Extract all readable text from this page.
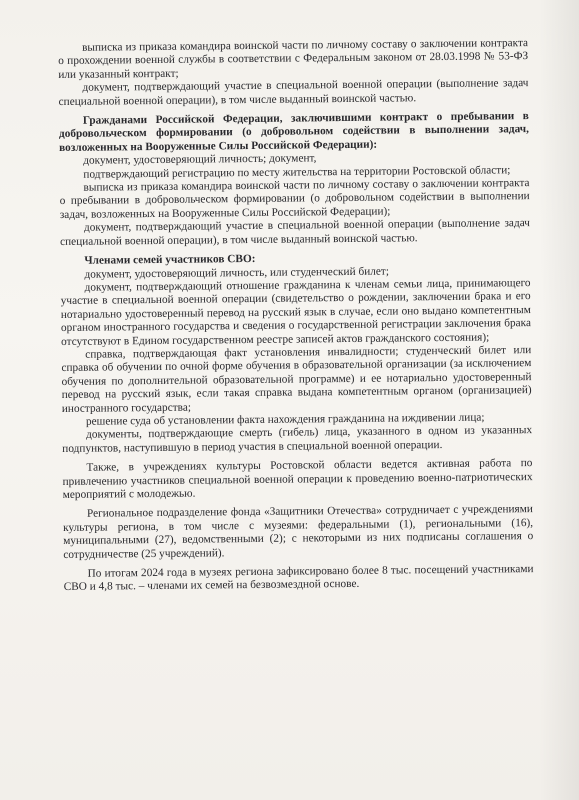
выписка из приказа командира воинской части по личному составу о заключении контракта о прохождении военной службы в соответствии с Федеральным законом от 28.03.1998 № 53-ФЗ или указанный контракт;

документ, подтверждающий участие в специальной военной операции (выполнение задач специальной военной операции), в том числе выданный воинской частью.

Гражданами Российской Федерации, заключившими контракт о пребывании в добровольческом формировании (о добровольном содействии в выполнении задач, возложенных на Вооруженные Силы Российской Федерации):

документ, удостоверяющий личность; документ,

подтверждающий регистрацию по месту жительства на территории Ростовской области;

выписка из приказа командира воинской части по личному составу о заключении контракта о пребывании в добровольческом формировании (о добровольном содействии в выполнении задач, возложенных на Вооруженные Силы Российской Федерации);

документ, подтверждающий участие в специальной военной операции (выполнение задач специальной военной операции), в том числе выданный воинской частью.

Членами семей участников СВО:

документ, удостоверяющий личность, или студенческий билет;

документ, подтверждающий отношение гражданина к членам семьи лица, принимающего участие в специальной военной операции (свидетельство о рождении, заключении брака и его нотариально удостоверенный перевод на русский язык в случае, если оно выдано компетентным органом иностранного государства и сведения о государственной регистрации заключения брака отсутствуют в Едином государственном реестре записей актов гражданского состояния);

справка, подтверждающая факт установления инвалидности; студенческий билет или справка об обучении по очной форме обучения в образовательной организации (за исключением обучения по дополнительной образовательной программе) и ее нотариально удостоверенный перевод на русский язык, если такая справка выдана компетентным органом (организацией) иностранного государства;

решение суда об установлении факта нахождения гражданина на иждивении лица;

документы, подтверждающие смерть (гибель) лица, указанного в одном из указанных подпунктов, наступившую в период участия в специальной военной операции.

Также, в учреждениях культуры Ростовской области ведется активная работа по привлечению участников специальной военной операции к проведению военно-патриотических мероприятий с молодежью.

Региональное подразделение фонда «Защитники Отечества» сотрудничает с учреждениями культуры региона, в том числе с музеями: федеральными (1), региональными (16), муниципальными (27), ведомственными (2); с некоторыми из них подписаны соглашения о сотрудничестве (25 учреждений).

По итогам 2024 года в музеях региона зафиксировано более 8 тыс. посещений участниками СВО и 4,8 тыс. – членами их семей на безвозмездной основе.
